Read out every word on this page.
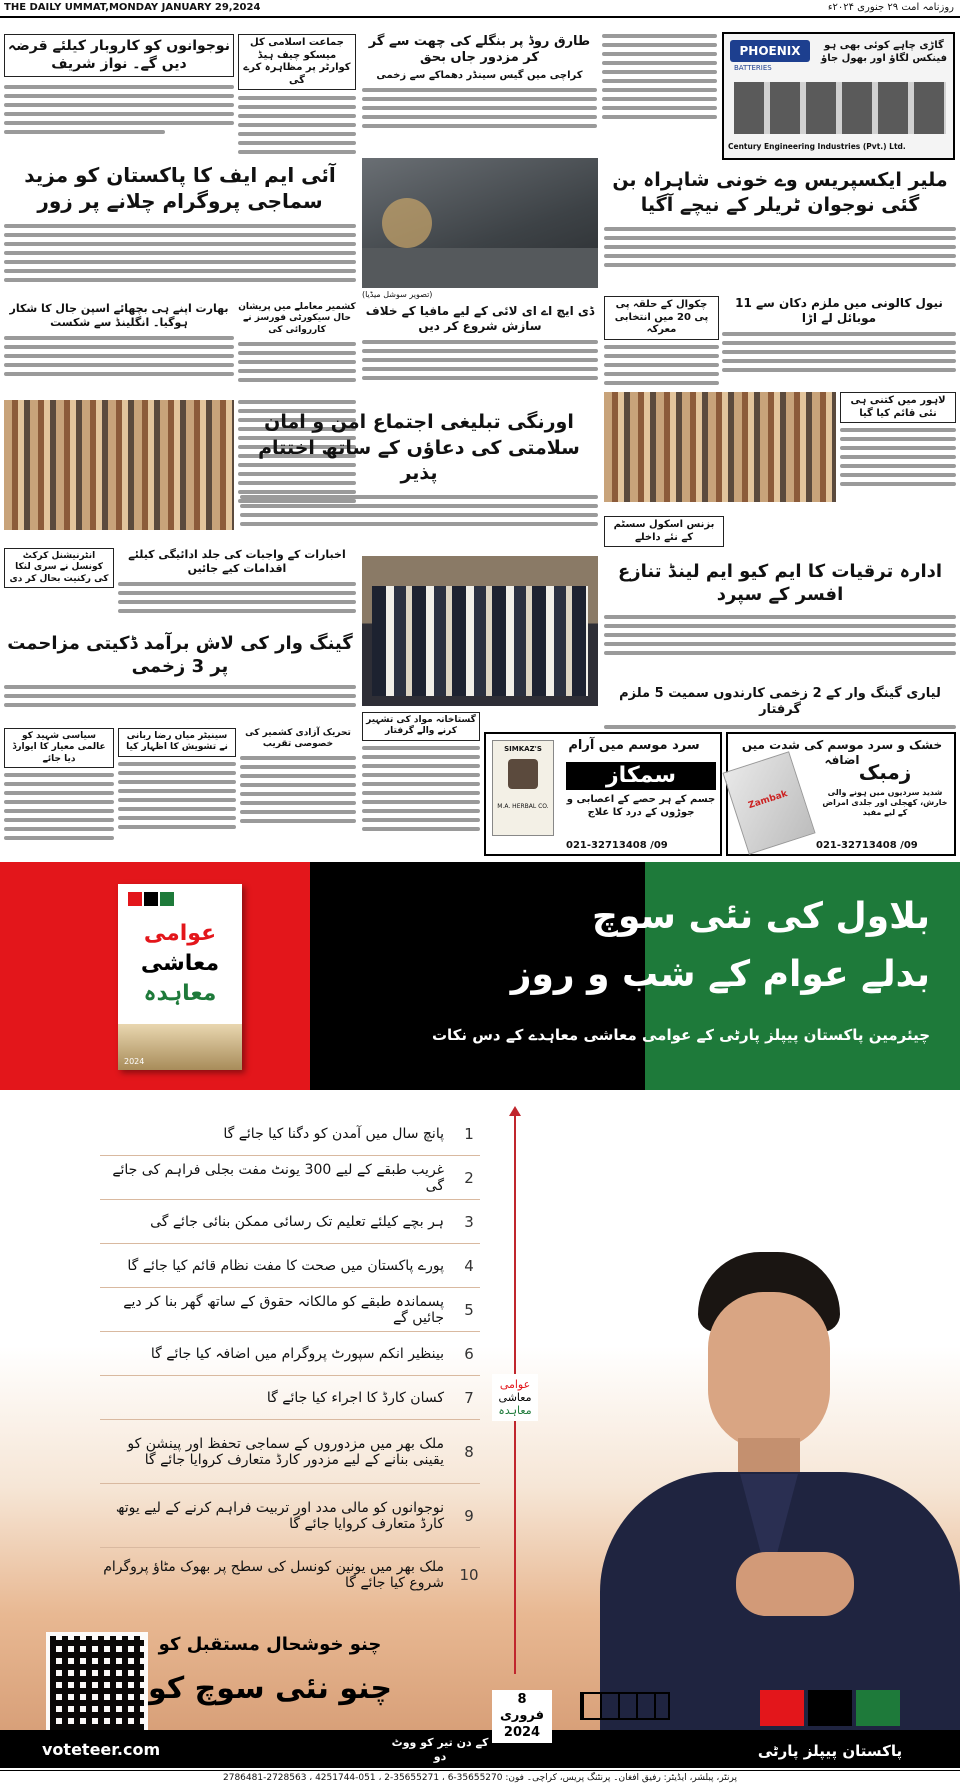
THE DAILY UMMAT,MONDAY JANUARY 29,2024	روزنامہ امت ۲۹ جنوری ۲۰۲۴ء
نوجوانوں کو کاروبار کیلئے قرضہ دیں گے۔ نواز شریف
جماعت اسلامی کل میسکو چیف ہیڈ کوارٹر پر مظاہرہ کرے گی
طارق روڈ پر بنگلے کی چھت سے گر کر مزدور جاں بحق
کراچی میں گیس سینڈر دھماکے سے زخمی
PHOENIX
BATTERIES
گاڑی چاہے کوئی بھی ہو فینکس لگاؤ اور بھول جاؤ
Century Engineering Industries (Pvt.) Ltd.
(تصویر سوشل میڈیا)
آئی ایم ایف کا پاکستان کو مزید سماجی پروگرام چلانے پر زور
ملیر ایکسپریس وے خونی شاہراہ بن گئی نوجوان ٹریلر کے نیچے آگیا
بھارت اپنے ہی بچھائے اسپن جال کا شکار ہوگیا۔ انگلینڈ سے شکست
کشمیر معاملے میں پریشان حال سیکورٹی فورسز نے کارروائی کی
ڈی ایچ اے ای لائی کے لیے مافیا کے خلاف سازش شروع کر دیں
اورنگی تبلیغی اجتماع امن و امان سلامتی کی دعاؤں کے ساتھ اختتام پذیر
چکوال کے حلقہ پی پی 20 میں انتخابی معرکہ
نیول کالونی میں ملزم دکان سے 11 موبائل لے اڑا
لاہور میں کتنی ہی نئی قائم کیا گیا
بزنس اسکول سسٹم کے نئے داخلے
ادارہ ترقیات کا ایم کیو ایم لینڈ تنازع افسر کے سپرد
انٹرنیشنل کرکٹ کونسل نے سری لنکا کی رکنیت بحال کر دی
اخبارات کے واجبات کی جلد ادائیگی کیلئے اقدامات کیے جائیں
گینگ وار کی لاش برآمد ڈکیتی مزاحمت پر 3 زخمی
لیاری گینگ وار کے 2 زخمی کارندوں سمیت 5 ملزم گرفتار
سیاسی شہید کو عالمی معیار کا ایوارڈ دیا جائے
سینیٹر میاں رضا ربانی نے تشویش کا اظہار کیا
تحریک آزادی کشمیر کی خصوصی تقریب
گستاخانہ مواد کی تشہیر کرنے والے گرفتار
سرد موسم میں آرام
SIMKAZ'S
M.A. HERBAL CO.
سمکاز
جسم کے ہر حصے کے اعصابی و جوڑوں کے درد کا علاج
021-32713408 /09
خشک و سرد موسم کی شدت میں اضافہ
Zambak
زمبک
شدید سردیوں میں ہونے والی خارش، کھجلی اور جلدی امراض کے لیے مفید
021-32713408 /09
عوامی
معاشی
معاہدہ
2024
بلاول کی نئی سوچ
بدلے عوام کے شب و روز
چیئرمین پاکستان پیپلز پارٹی کے عوامی معاشی معاہدے کے دس نکات
پانچ سال میں آمدن کو دگنا کیا جائے گا	1
غریب طبقے کے لیے 300 یونٹ مفت بجلی فراہم کی جائے گی	2
ہر بچے کیلئے تعلیم تک رسائی ممکن بنائی جائے گی	3
پورے پاکستان میں صحت کا مفت نظام قائم کیا جائے گا	4
پسماندہ طبقے کو مالکانہ حقوق کے ساتھ گھر بنا کر دیے جائیں گے	5
بینظیر انکم سپورٹ پروگرام میں اضافہ کیا جائے گا	6
کسان کارڈ کا اجراء کیا جائے گا	7
ملک بھر میں مزدوروں کے سماجی تحفظ اور پینشن کو یقینی بنانے کے لیے مزدور کارڈ متعارف کروایا جائے گا	8
نوجوانوں کو مالی مدد اور تربیت فراہم کرنے کے لیے یوتھ کارڈ متعارف کروایا جائے گا	9
ملک بھر میں یونین کونسل کی سطح پر بھوک مٹاؤ پروگرام شروع کیا جائے گا 10
عوامی
معاشی
معاہدہ
چنو خوشحال مستقبل کو
چنو نئی سوچ کو
voteteer.com	کے دن تیر کو ووٹ دو
8 فروری 2024
پاکستان پیپلز پارٹی
پرنٹر، پبلشر، ایڈیٹر: رفیق افغان۔ پرنٹنگ پریس، کراچی۔ فون: 35655270-6 ، 35655271-2 ، 051-4251744 ، 2728563-2786481
